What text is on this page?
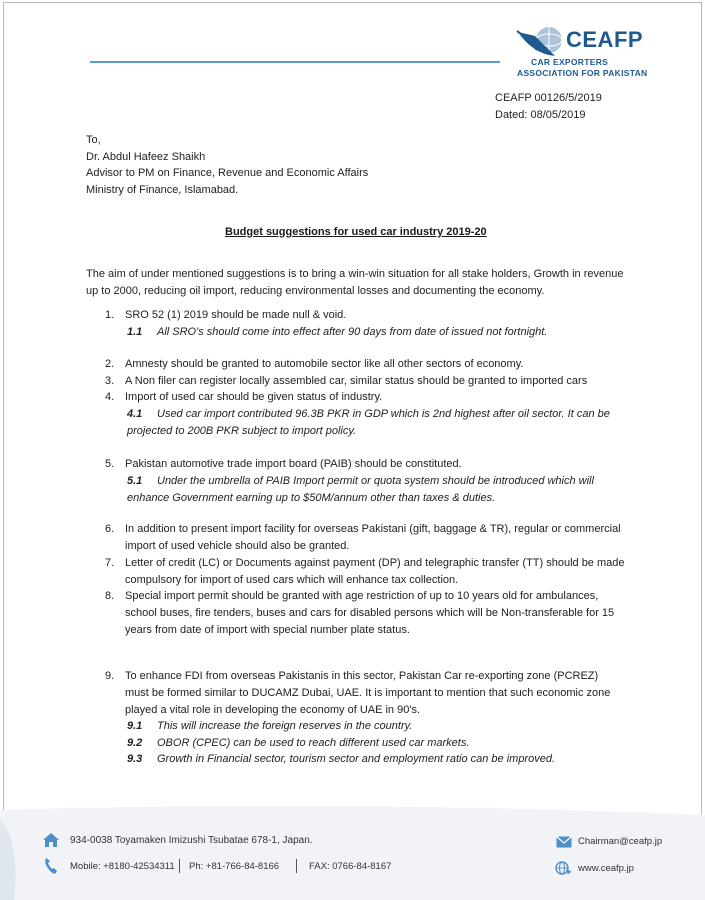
CEAFP
CAR EXPORTERS
ASSOCIATION FOR PAKISTAN
CEAFP 00126/5/2019
Dated: 08/05/2019
To,
Dr. Abdul Hafeez Shaikh
Advisor to PM on Finance, Revenue and Economic Affairs
Ministry of Finance, Islamabad.
Budget suggestions for used car industry 2019-20
The aim of under mentioned suggestions is to bring a win-win situation for all stake holders, Growth in revenue up to 2000, reducing oil import, reducing environmental losses and documenting the economy.
1. SRO 52 (1) 2019 should be made null & void.
1.1 All SRO's should come into effect after 90 days from date of issued not fortnight.
2. Amnesty should be granted to automobile sector like all other sectors of economy.
3. A Non filer can register locally assembled car, similar status should be granted to imported cars
4. Import of used car should be given status of industry.
4.1	Used car import contributed 96.3B PKR in GDP which is 2nd highest after oil sector. It can be projected to 200B PKR subject to import policy.
5. Pakistan automotive trade import board (PAIB) should be constituted.
5.1	Under the umbrella of PAIB Import permit or quota system should be introduced which will enhance Government earning up to $50M/annum other than taxes & duties.
6. In addition to present import facility for overseas Pakistani (gift, baggage & TR), regular or commercial import of used vehicle should also be granted.
7. Letter of credit (LC) or Documents against payment (DP) and telegraphic transfer (TT) should be made compulsory for import of used cars which will enhance tax collection.
8. Special import permit should be granted with age restriction of up to 10 years old for ambulances, school buses, fire tenders, buses and cars for disabled persons which will be Non-transferable for 15 years from date of import with special number plate status.
9. To enhance FDI from overseas Pakistanis in this sector, Pakistan Car re-exporting zone (PCREZ) must be formed similar to DUCAMZ Dubai, UAE. It is important to mention that such economic zone played a vital role in developing the economy of UAE in 90's.
9.1 This will increase the foreign reserves in the country.
9.2 OBOR (CPEC) can be used to reach different used car markets.
9.3 Growth in Financial sector, tourism sector and employment ratio can be improved.
934-0038 Toyamaken Imizushi Tsubatae 678-1, Japan.
Mobile: +8180-42534311 Ph: +81-766-84-8166	FAX: 0766-84-8167
Chairman@ceafp.jp
www.ceafp.jp
